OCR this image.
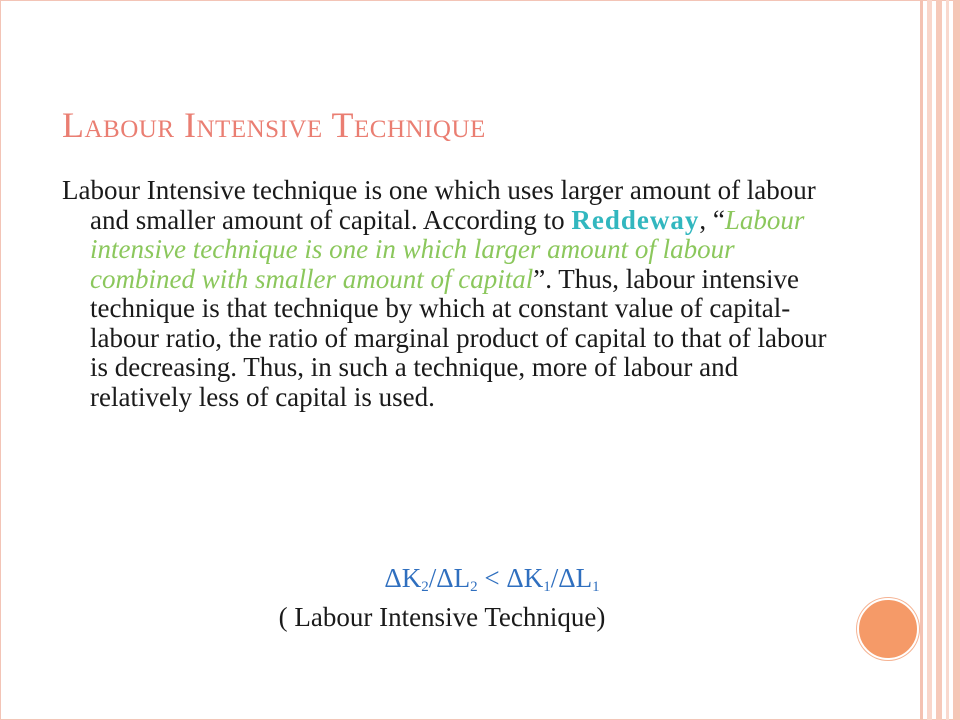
Labour Intensive Technique

Labour Intensive technique is one which uses larger amount of labour and smaller amount of capital. According to Reddeway, “Labour intensive technique is one in which larger amount of labour combined with smaller amount of capital”. Thus, labour intensive technique is that technique by which at constant value of capital-labour ratio, the ratio of marginal product of capital to that of labour is decreasing. Thus, in such a technique, more of labour and relatively less of capital is used.

$\Delta K_2/\Delta L_2 < \Delta K_1/\Delta L_1$
( Labour Intensive Technique)
